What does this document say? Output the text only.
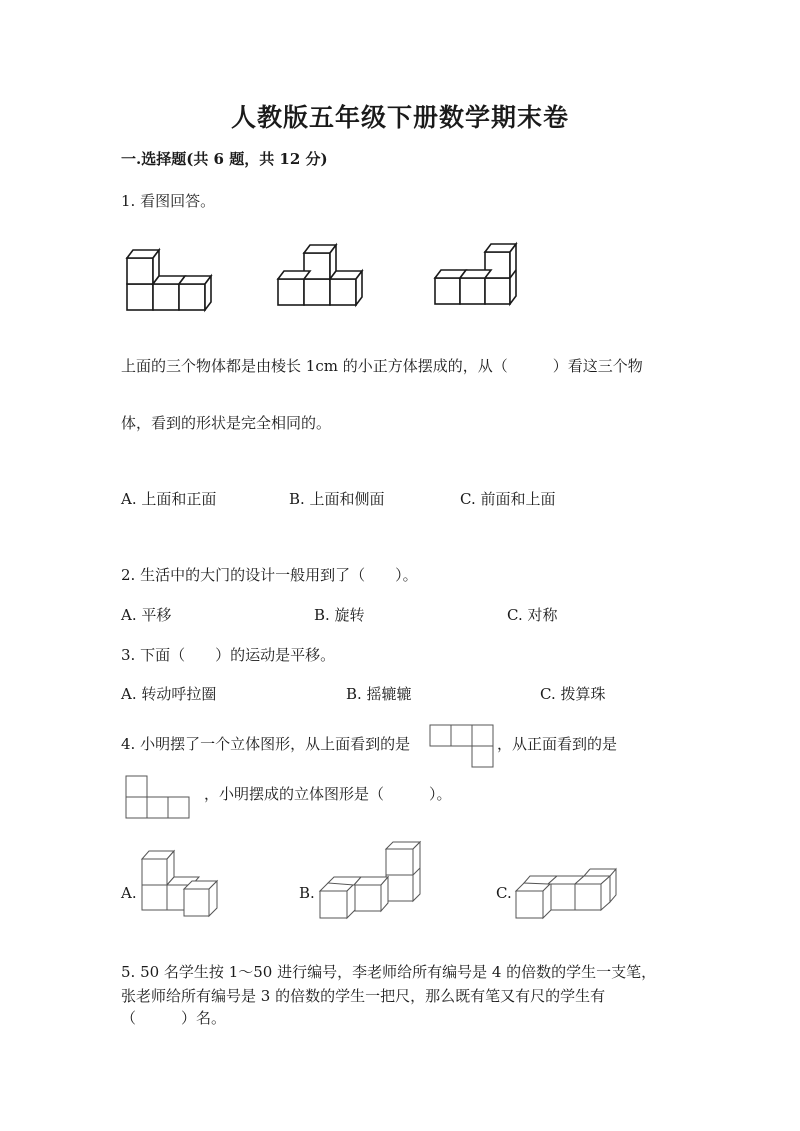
人教版五年级下册数学期末卷
一.选择题(共 6 题，共 12 分)
1. 看图回答。
上面的三个物体都是由棱长 1cm 的小正方体摆成的，从（　　　）看这三个物
体，看到的形状是完全相同的。
A. 上面和正面	B. 上面和侧面	C. 前面和上面
2. 生活中的大门的设计一般用到了（　　）。
A. 平移	B. 旋转	C. 对称
3. 下面（　　）的运动是平移。
A. 转动呼拉圈	B. 摇辘辘	C. 拨算珠
4. 小明摆了一个立体图形，从上面看到的是	，从正面看到的是
，小明摆成的立体图形是（　　　）。
A.	B.	C.
5. 50 名学生按 1～50 进行编号，李老师给所有编号是 4 的倍数的学生一支笔，
张老师给所有编号是 3 的倍数的学生一把尺，那么既有笔又有尺的学生有
（　　　）名。
